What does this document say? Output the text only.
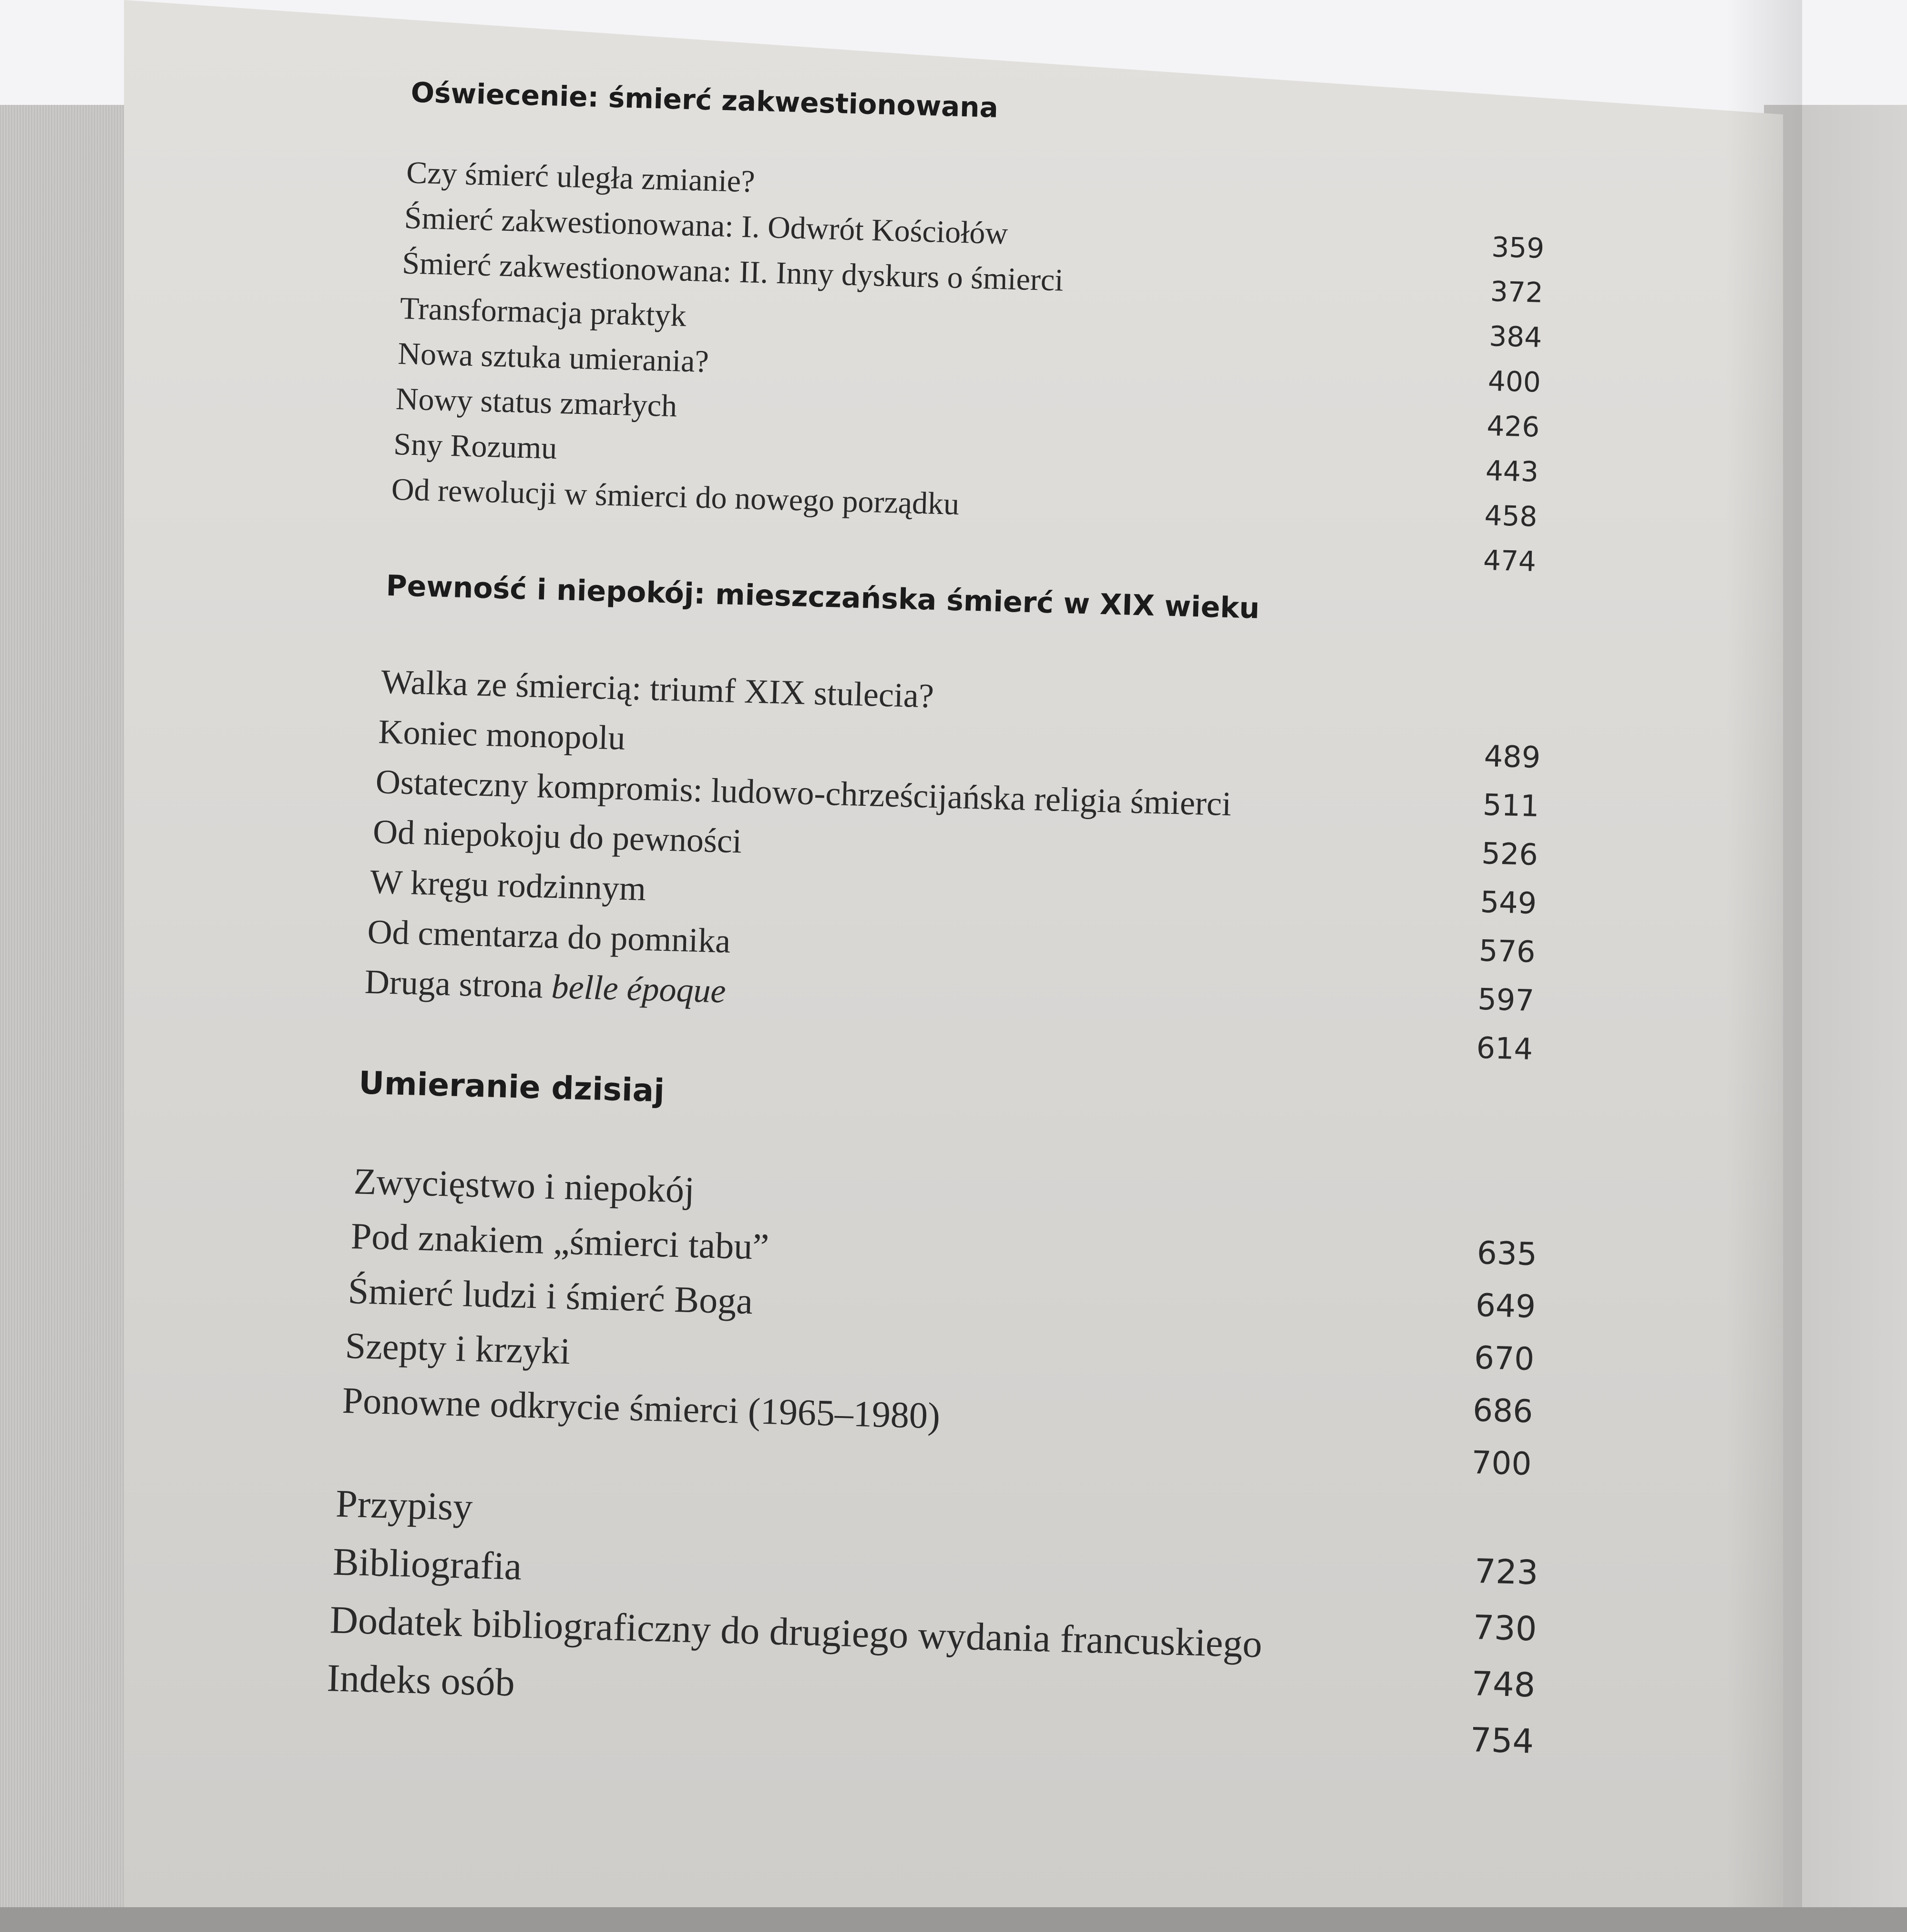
Oświecenie: śmierć zakwestionowana
Czy śmierć uległa zmianie?
359
Śmierć zakwestionowana: I. Odwrót Kościołów
372
Śmierć zakwestionowana: II. Inny dyskurs o śmierci
384
Transformacja praktyk
400
Nowa sztuka umierania?
426
Nowy status zmarłych
443
Sny Rozumu
458
Od rewolucji w śmierci do nowego porządku
474
Pewność i niepokój: mieszczańska śmierć w XIX wieku
Walka ze śmiercią: triumf XIX stulecia?
489
Koniec monopolu
511
Ostateczny kompromis: ludowo-chrześcijańska religia śmierci
526
Od niepokoju do pewności
549
W kręgu rodzinnym
576
Od cmentarza do pomnika
597
Druga strona belle époque
614
Umieranie dzisiaj
Zwycięstwo i niepokój
635
Pod znakiem „śmierci tabu”
649
Śmierć ludzi i śmierć Boga
670
Szepty i krzyki
686
Ponowne odkrycie śmierci (1965–1980)
700
Przypisy
723
Bibliografia
730
Dodatek bibliograficzny do drugiego wydania francuskiego
748
Indeks osób
754
